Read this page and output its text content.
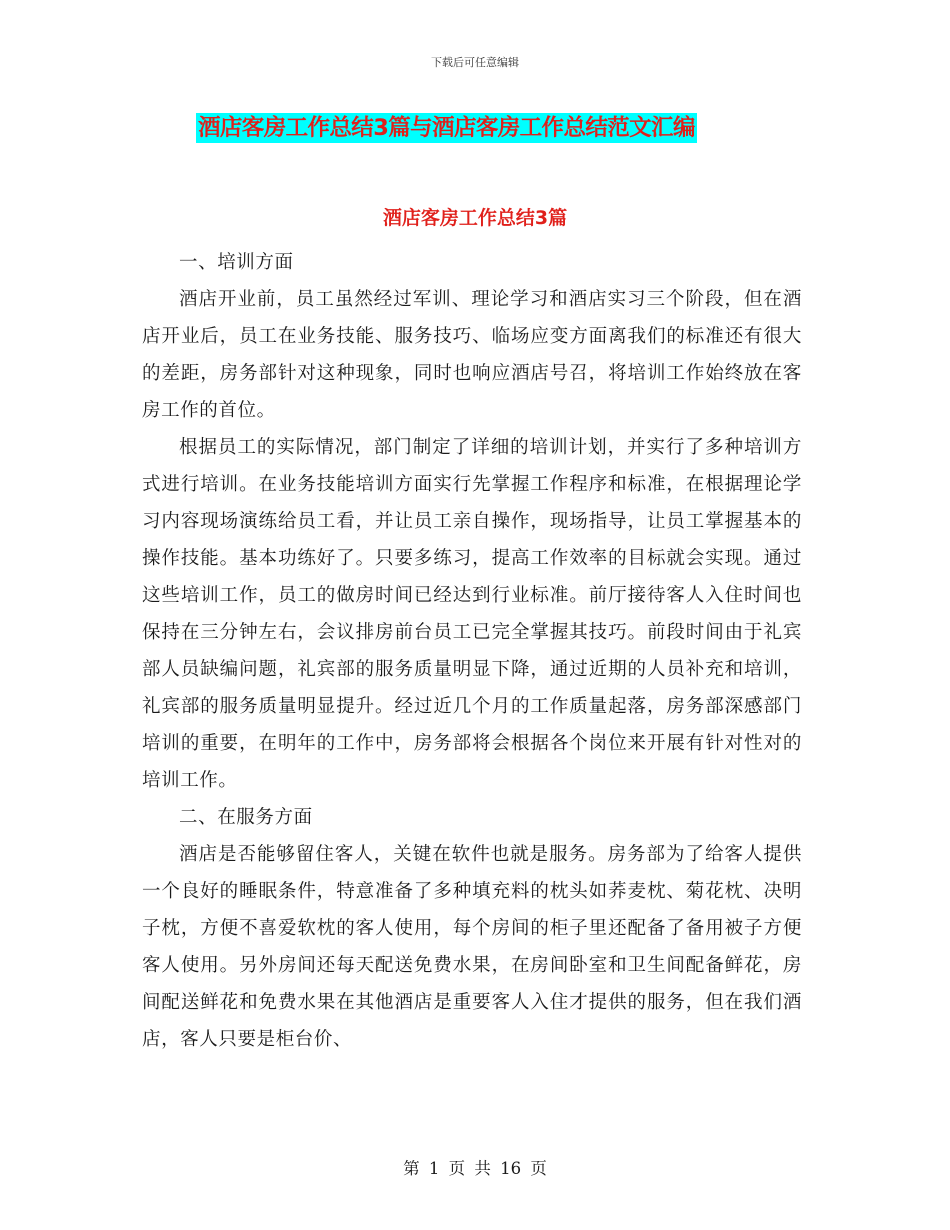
下载后可任意编辑
酒店客房工作总结3篇与酒店客房工作总结范文汇编
酒店客房工作总结3篇

一、培训方面

酒店开业前，员工虽然经过军训、理论学习和酒店实习三个阶段，但在酒店开业后，员工在业务技能、服务技巧、临场应变方面离我们的标准还有很大的差距，房务部针对这种现象，同时也响应酒店号召，将培训工作始终放在客房工作的首位。

根据员工的实际情况，部门制定了详细的培训计划，并实行了多种培训方式进行培训。在业务技能培训方面实行先掌握工作程序和标准，在根据理论学习内容现场演练给员工看，并让员工亲自操作，现场指导，让员工掌握基本的操作技能。基本功练好了。只要多练习，提高工作效率的目标就会实现。通过这些培训工作，员工的做房时间已经达到行业标准。前厅接待客人入住时间也保持在三分钟左右，会议排房前台员工已完全掌握其技巧。前段时间由于礼宾部人员缺编问题，礼宾部的服务质量明显下降，通过近期的人员补充和培训，礼宾部的服务质量明显提升。经过近几个月的工作质量起落，房务部深感部门培训的重要，在明年的工作中，房务部将会根据各个岗位来开展有针对性对的培训工作。

二、在服务方面

酒店是否能够留住客人，关键在软件也就是服务。房务部为了给客人提供一个良好的睡眠条件，特意准备了多种填充料的枕头如荞麦枕、菊花枕、决明子枕，方便不喜爱软枕的客人使用，每个房间的柜子里还配备了备用被子方便客人使用。另外房间还每天配送免费水果，在房间卧室和卫生间配备鲜花，房间配送鲜花和免费水果在其他酒店是重要客人入住才提供的服务，但在我们酒店，客人只要是柜台价、

第 1 页 共 16 页
